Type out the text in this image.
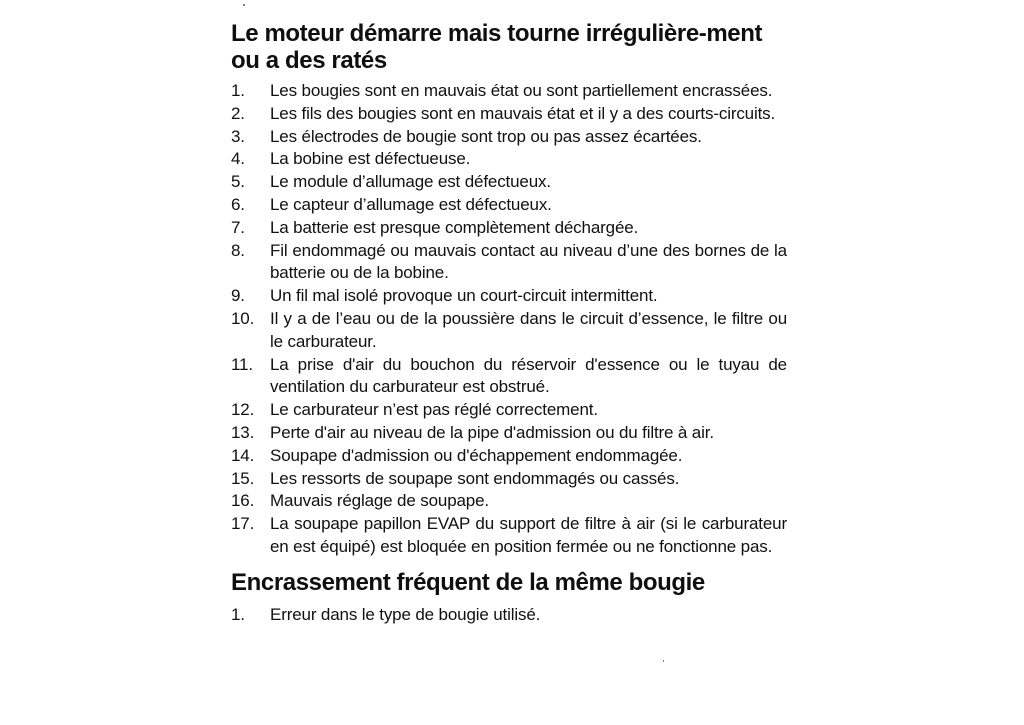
Le moteur démarre mais tourne irrégulière-ment ou a des ratés
1.	Les bougies sont en mauvais état ou sont partiellement encrassées.
2.	Les fils des bougies sont en mauvais état et il y a des courts-circuits.
3.	Les électrodes de bougie sont trop ou pas assez écartées.
4.	La bobine est défectueuse.
5.	Le module d’allumage est défectueux.
6.	Le capteur d’allumage est défectueux.
7.	La batterie est presque complètement déchargée.
8.	Fil endommagé ou mauvais contact au niveau d’une des bornes de la batterie ou de la bobine.
9.	Un fil mal isolé provoque un court-circuit intermittent.
10. Il y a de l’eau ou de la poussière dans le circuit d’essence, le filtre ou le carburateur.
11.	La prise d'air du bouchon du réservoir d'essence ou le tuyau de ventilation du carburateur est obstrué.
12. Le carburateur n’est pas réglé correctement.
13. Perte d'air au niveau de la pipe d'admission ou du filtre à air.
14. Soupape d'admission ou d'échappement endommagée.
15. Les ressorts de soupape sont endommagés ou cassés.
16. Mauvais réglage de soupape.
17. La soupape papillon EVAP du support de filtre à air (si le carburateur en est équipé) est bloquée en position fermée ou ne fonctionne pas.
Encrassement fréquent de la même bougie
1.	Erreur dans le type de bougie utilisé.
